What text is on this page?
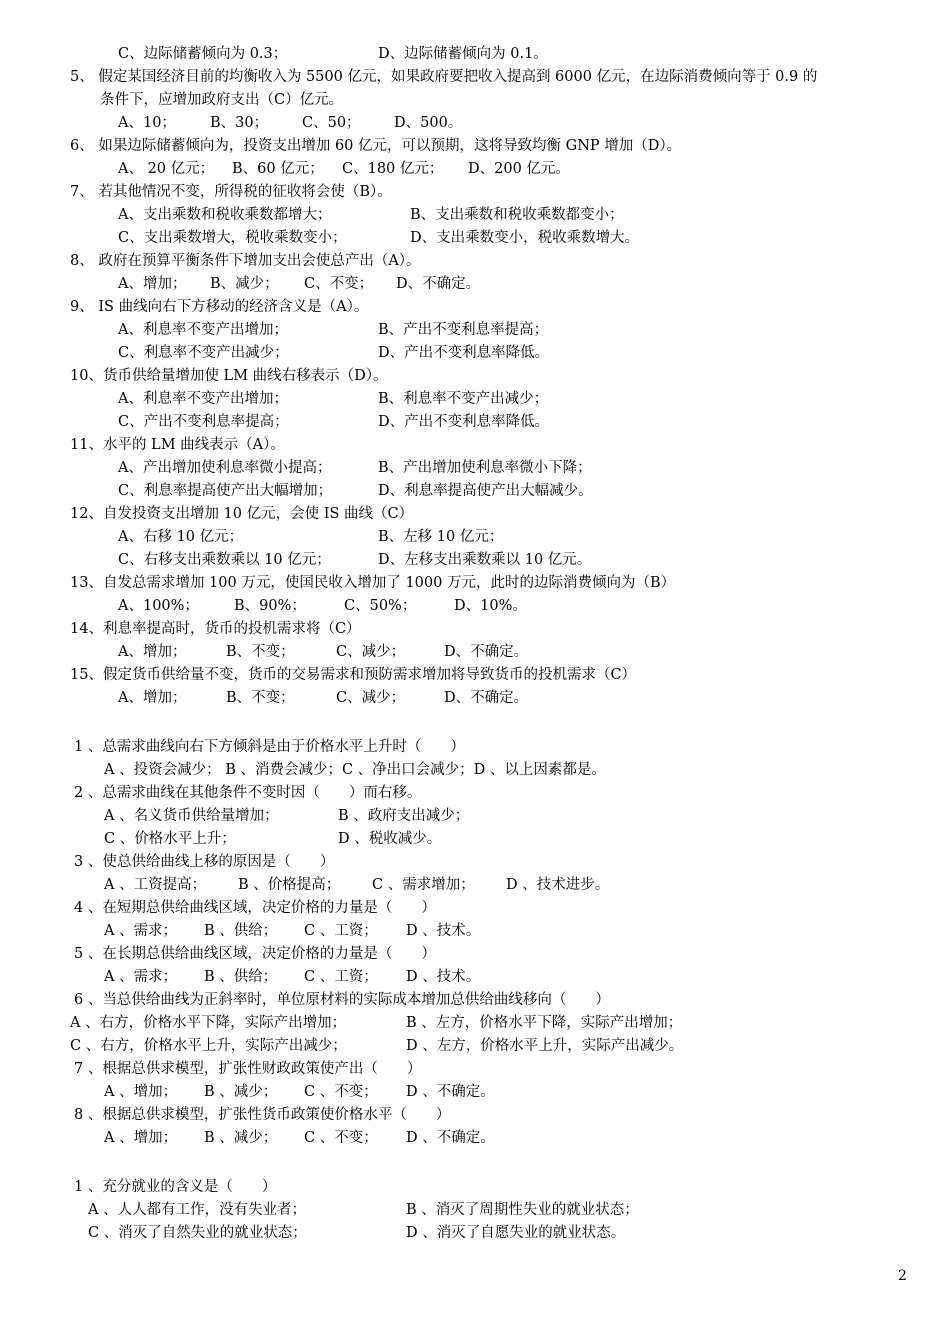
C、边际储蓄倾向为 0.3；	D、边际储蓄倾向为 0.1。
5、 假定某国经济目前的均衡收入为 5500 亿元，如果政府要把收入提高到 6000 亿元，在边际消费倾向等于 0.9 的
条件下，应增加政府支出（C）亿元。
A、10； B、30； C、50； D、500。
6、 如果边际储蓄倾向为，投资支出增加 60 亿元，可以预期，这将导致均衡 GNP 增加（D）。
A、 20 亿元； B、60 亿元； C、180 亿元； D、200 亿元。
7、 若其他情况不变，所得税的征收将会使（B）。
A、支出乘数和税收乘数都增大；	B、支出乘数和税收乘数都变小；
C、支出乘数增大，税收乘数变小；	D、支出乘数变小，税收乘数增大。
8、 政府在预算平衡条件下增加支出会使总产出（A）。
A、增加； B、减少； C、不变； D、不确定。
9、 IS 曲线向右下方移动的经济含义是（A）。
A、利息率不变产出增加；	B、产出不变利息率提高；
C、利息率不变产出减少；	D、产出不变利息率降低。
10、货币供给量增加使 LM 曲线右移表示（D）。
A、利息率不变产出增加；	B、利息率不变产出减少；
C、产出不变利息率提高；	D、产出不变利息率降低。
11、水平的 LM 曲线表示（A）。
A、产出增加使利息率微小提高；	B、产出增加使利息率微小下降；
C、利息率提高使产出大幅增加；	D、利息率提高使产出大幅减少。
12、自发投资支出增加 10 亿元，会使 IS 曲线（C）
A、右移 10 亿元；	B、左移 10 亿元；
C、右移支出乘数乘以 10 亿元；	D、左移支出乘数乘以 10 亿元。
13、自发总需求增加 100 万元，使国民收入增加了 1000 万元，此时的边际消费倾向为（B）
A、100%； B、90%；	C、50%；	D、10%。
14、利息率提高时，货币的投机需求将（C）
A、增加；	B、不变；	C、减少；	D、不确定。
15、假定货币供给量不变，货币的交易需求和预防需求增加将导致货币的投机需求（C）
A、增加；	B、不变；	C、减少；	D、不确定。
1 、总需求曲线向右下方倾斜是由于价格水平上升时（　　）
A 、投资会减少； B 、消费会减少；C 、净出口会减少；D 、以上因素都是。
2 、总需求曲线在其他条件不变时因（　　）而右移。
A 、名义货币供给量增加；	B 、政府支出减少；
C 、价格水平上升；	D 、税收减少。
3 、使总供给曲线上移的原因是（　　）
A 、工资提高； B 、价格提高； C 、需求增加； D 、技术进步。
4 、在短期总供给曲线区域，决定价格的力量是（　　）
A 、需求； B 、供给； C 、工资； D 、技术。
5 、在长期总供给曲线区域，决定价格的力量是（　　）
A 、需求； B 、供给； C 、工资； D 、技术。
6 、当总供给曲线为正斜率时，单位原材料的实际成本增加总供给曲线移向（　　）
A 、右方，价格水平下降，实际产出增加；	B 、左方，价格水平下降，实际产出增加；
C 、右方，价格水平上升，实际产出减少；	D 、左方，价格水平上升，实际产出减少。
7 、根据总供求模型，扩张性财政政策使产出（　　）
A 、增加； B 、减少； C 、不变； D 、不确定。
8 、根据总供求模型，扩张性货币政策使价格水平（　　）
A 、增加； B 、减少； C 、不变； D 、不确定。
1 、充分就业的含义是（　　）
A 、人人都有工作，没有失业者；	B 、消灭了周期性失业的就业状态；
C 、消灭了自然失业的就业状态；	D 、消灭了自愿失业的就业状态。
2
